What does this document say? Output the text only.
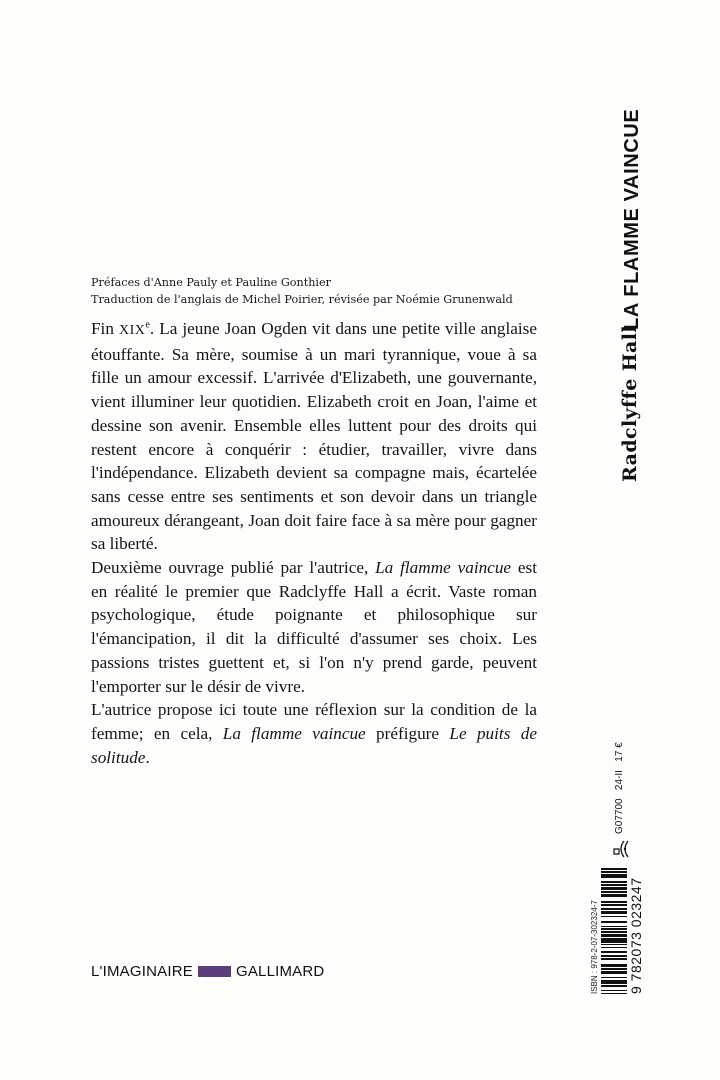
Préfaces d'Anne Pauly et Pauline Gonthier
Traduction de l'anglais de Michel Poirier, révisée par Noémie Grunenwald

Fin XIXe. La jeune Joan Ogden vit dans une petite ville anglaise étouffante. Sa mère, soumise à un mari tyrannique, voue à sa fille un amour excessif. L'arrivée d'Elizabeth, une gouvernante, vient illuminer leur quotidien. Elizabeth croit en Joan, l'aime et dessine son avenir. Ensemble elles luttent pour des droits qui restent encore à conquérir : étudier, travailler, vivre dans l'indépendance. Elizabeth devient sa compagne mais, écartelée sans cesse entre ses sentiments et son devoir dans un triangle amoureux dérangeant, Joan doit faire face à sa mère pour gagner sa liberté.

Deuxième ouvrage publié par l'autrice, La flamme vaincue est en réalité le premier que Radclyffe Hall a écrit. Vaste roman psychologique, étude poignante et philosophique sur l'émancipation, il dit la difficulté d'assumer ses choix. Les passions tristes guettent et, si l'on n'y prend garde, peuvent l'emporter sur le désir de vivre.

L'autrice propose ici toute une réflexion sur la condition de la femme; en cela, La flamme vaincue préfigure Le puits de solitude.

LA FLAMME VAINCUE
Radclyffe Hall
ISBN : 978-2-07-302324-7 9 782073 023247
G07700   24-II   17 €
L'IMAGINAIRE	GALLIMARD
